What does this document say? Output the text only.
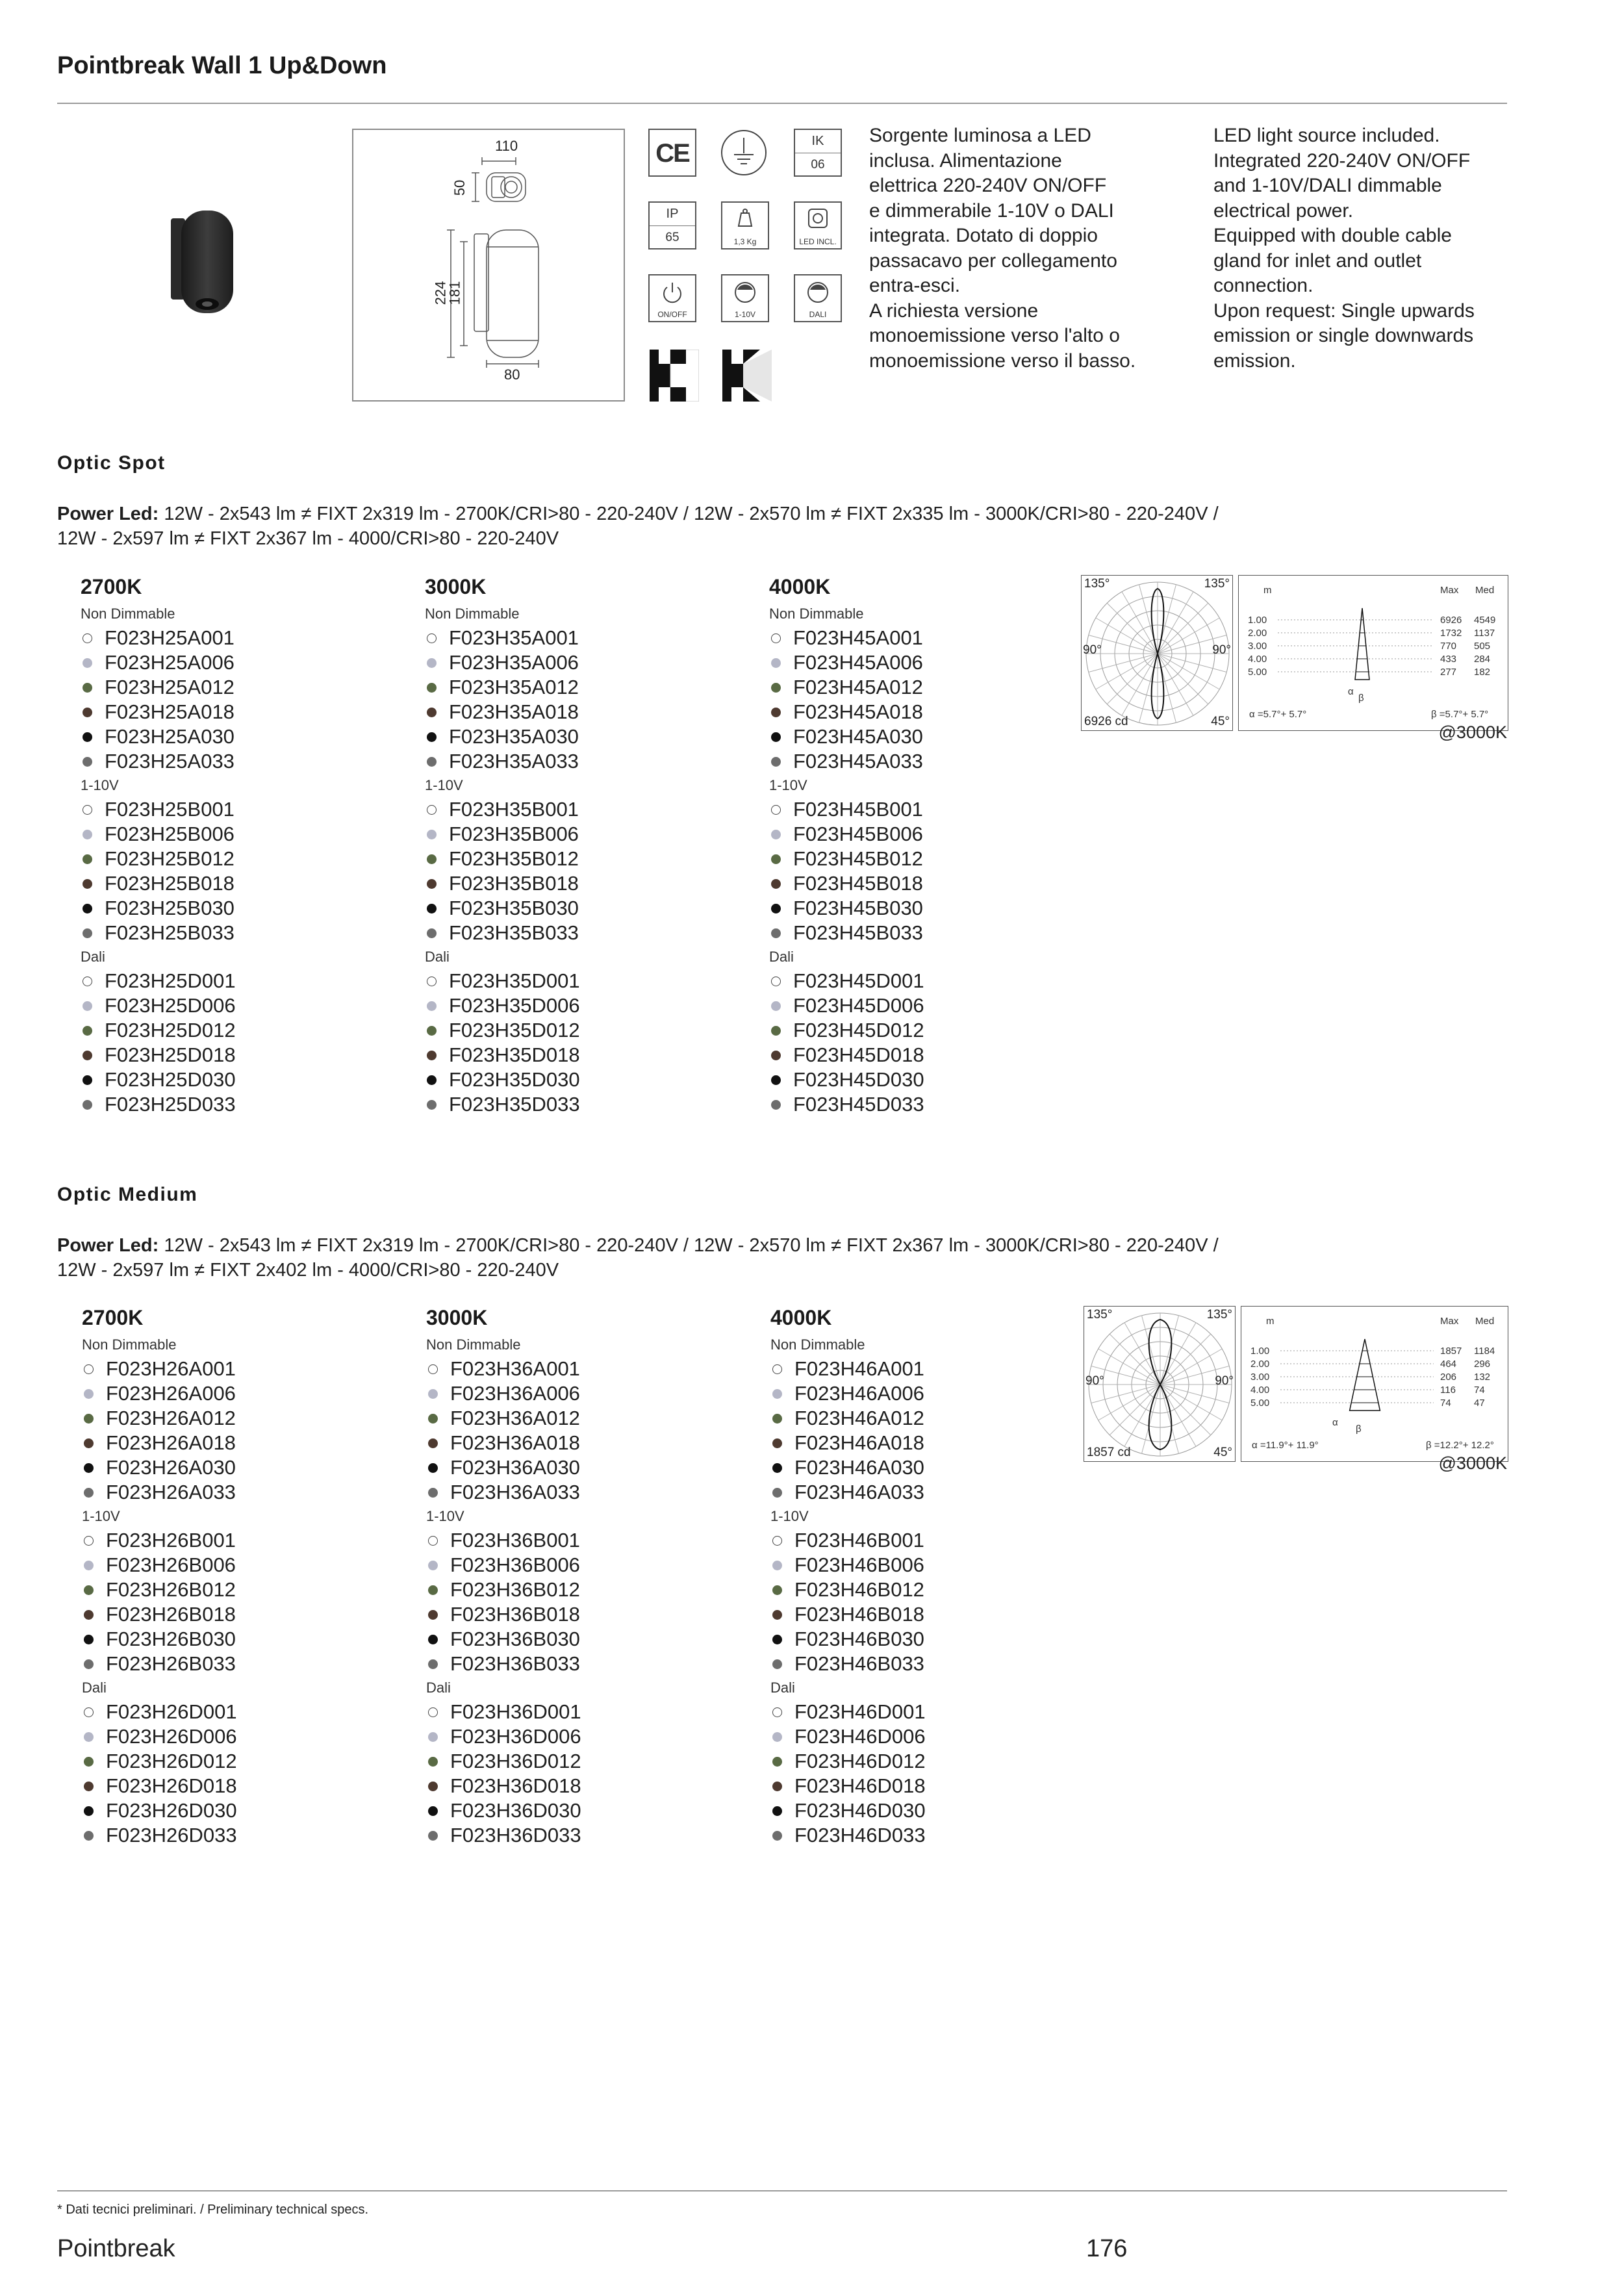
Pointbreak Wall 1 Up&Down
110
50
224
181
80
CE	IK
06
IP
65	1,3 Kg	LED INCL.
ON/OFF	1-10V	DALI
Sorgente luminosa a LED
inclusa. Alimentazione
elettrica 220-240V ON/OFF
e dimmerabile 1-10V o DALI
integrata. Dotato di doppio
passacavo per collegamento
entra-esci.
A richiesta versione
monoemissione verso l'alto o
monoemissione verso il basso.
LED light source included.
Integrated 220-240V ON/OFF
and 1-10V/DALI dimmable
electrical power.
Equipped with double cable
gland for inlet and outlet
connection.
Upon request: Single upwards
emission or single downwards
emission.
Optic Spot
Power Led: 12W - 2x543 lm ≠ FIXT 2x319 lm - 2700K/CRI>80 - 220-240V / 12W - 2x570 lm ≠ FIXT 2x335 lm - 3000K/CRI>80 - 220-240V /
12W - 2x597 lm ≠ FIXT 2x367 lm - 4000/CRI>80 - 220-240V
2700K
Non Dimmable
F023H25A001
F023H25A006
F023H25A012
F023H25A018
F023H25A030
F023H25A033
1-10V
F023H25B001
F023H25B006
F023H25B012
F023H25B018
F023H25B030
F023H25B033
Dali
F023H25D001
F023H25D006
F023H25D012
F023H25D018
F023H25D030
F023H25D033
3000K
Non Dimmable
F023H35A001
F023H35A006
F023H35A012
F023H35A018
F023H35A030
F023H35A033
1-10V
F023H35B001
F023H35B006
F023H35B012
F023H35B018
F023H35B030
F023H35B033
Dali
F023H35D001
F023H35D006
F023H35D012
F023H35D018
F023H35D030
F023H35D033
4000K
Non Dimmable
F023H45A001
F023H45A006
F023H45A012
F023H45A018
F023H45A030
F023H45A033
1-10V
F023H45B001
F023H45B006
F023H45B012
F023H45B018
F023H45B030
F023H45B033
Dali
F023H45D001
F023H45D006
F023H45D012
F023H45D018
F023H45D030
F023H45D033
135°	135°
90°	90°
6926 cd	45°
m	Max Med
1.00	6926 4549
2.00	1732 1137
3.00	770 505
4.00	433 284
5.00	277 182
α
β
α =5.7°+ 5.7°	β =5.7°+ 5.7°
@3000K
Optic Medium
Power Led: 12W - 2x543 lm ≠ FIXT 2x319 lm - 2700K/CRI>80 - 220-240V / 12W - 2x570 lm ≠ FIXT 2x367 lm - 3000K/CRI>80 - 220-240V /
12W - 2x597 lm ≠ FIXT 2x402 lm - 4000/CRI>80 - 220-240V
2700K
Non Dimmable
F023H26A001
F023H26A006
F023H26A012
F023H26A018
F023H26A030
F023H26A033
1-10V
F023H26B001
F023H26B006
F023H26B012
F023H26B018
F023H26B030
F023H26B033
Dali
F023H26D001
F023H26D006
F023H26D012
F023H26D018
F023H26D030
F023H26D033
3000K
Non Dimmable
F023H36A001
F023H36A006
F023H36A012
F023H36A018
F023H36A030
F023H36A033
1-10V
F023H36B001
F023H36B006
F023H36B012
F023H36B018
F023H36B030
F023H36B033
Dali
F023H36D001
F023H36D006
F023H36D012
F023H36D018
F023H36D030
F023H36D033
4000K
Non Dimmable
F023H46A001
F023H46A006
F023H46A012
F023H46A018
F023H46A030
F023H46A033
1-10V
F023H46B001
F023H46B006
F023H46B012
F023H46B018
F023H46B030
F023H46B033
Dali
F023H46D001
F023H46D006
F023H46D012
F023H46D018
F023H46D030
F023H46D033
135°	135°
90°	90°
1857 cd	45°
m	Max Med
1.00	1857 1184
2.00	464 296
3.00	206 132
4.00	116 74
5.00	74 47
α
β
α =11.9°+ 11.9°	β =12.2°+ 12.2°
@3000K
* Dati tecnici preliminari. / Preliminary technical specs.
Pointbreak	176
